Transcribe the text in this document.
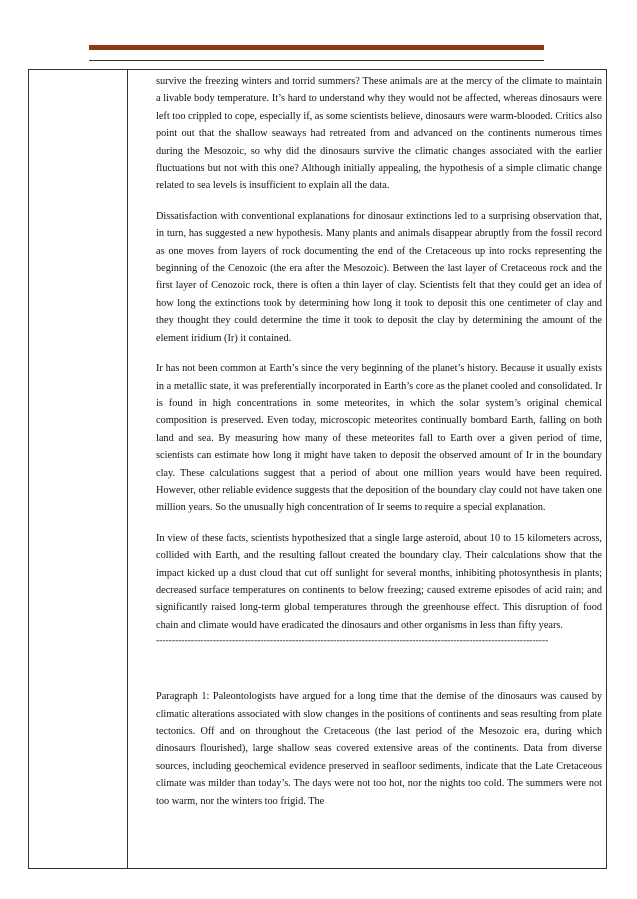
survive the freezing winters and torrid summers? These animals are at the mercy of the climate to maintain a livable body temperature. It’s hard to understand why they would not be affected, whereas dinosaurs were left too crippled to cope, especially if, as some scientists believe, dinosaurs were warm-blooded. Critics also point out that the shallow seaways had retreated from and advanced on the continents numerous times during the Mesozoic, so why did the dinosaurs survive the climatic changes associated with the earlier fluctuations but not with this one? Although initially appealing, the hypothesis of a simple climatic change related to sea levels is insufficient to explain all the data.

Dissatisfaction with conventional explanations for dinosaur extinctions led to a surprising observation that, in turn, has suggested a new hypothesis. Many plants and animals disappear abruptly from the fossil record as one moves from layers of rock documenting the end of the Cretaceous up into rocks representing the beginning of the Cenozoic (the era after the Mesozoic). Between the last layer of Cretaceous rock and the first layer of Cenozoic rock, there is often a thin layer of clay. Scientists felt that they could get an idea of how long the extinctions took by determining how long it took to deposit this one centimeter of clay and they thought they could determine the time it took to deposit the clay by determining the amount of the element iridium (Ir) it contained.

Ir has not been common at Earth’s since the very beginning of the planet’s history. Because it usually exists in a metallic state, it was preferentially incorporated in Earth’s core as the planet cooled and consolidated. Ir is found in high concentrations in some meteorites, in which the solar system’s original chemical composition is preserved. Even today, microscopic meteorites continually bombard Earth, falling on both land and sea. By measuring how many of these meteorites fall to Earth over a given period of time, scientists can estimate how long it might have taken to deposit the observed amount of Ir in the boundary clay. These calculations suggest that a period of about one million years would have been required. However, other reliable evidence suggests that the deposition of the boundary clay could not have taken one million years. So the unusually high concentration of Ir seems to require a special explanation.

In view of these facts, scientists hypothesized that a single large asteroid, about 10 to 15 kilometers across, collided with Earth, and the resulting fallout created the boundary clay. Their calculations show that the impact kicked up a dust cloud that cut off sunlight for several months, inhibiting photosynthesis in plants; decreased surface temperatures on continents to below freezing; caused extreme episodes of acid rain; and significantly raised long-term global temperatures through the greenhouse effect. This disruption of food chain and climate would have eradicated the dinosaurs and other organisms in less than fifty years.

----------------------------------------------------------------------------------------------------------------------------

Paragraph 1: Paleontologists have argued for a long time that the demise of the dinosaurs was caused by climatic alterations associated with slow changes in the positions of continents and seas resulting from plate tectonics. Off and on throughout the Cretaceous (the last period of the Mesozoic era, during which dinosaurs flourished), large shallow seas covered extensive areas of the continents. Data from diverse sources, including geochemical evidence preserved in seafloor sediments, indicate that the Late Cretaceous climate was milder than today’s. The days were not too hot, nor the nights too cold. The summers were not too warm, nor the winters too frigid. The
